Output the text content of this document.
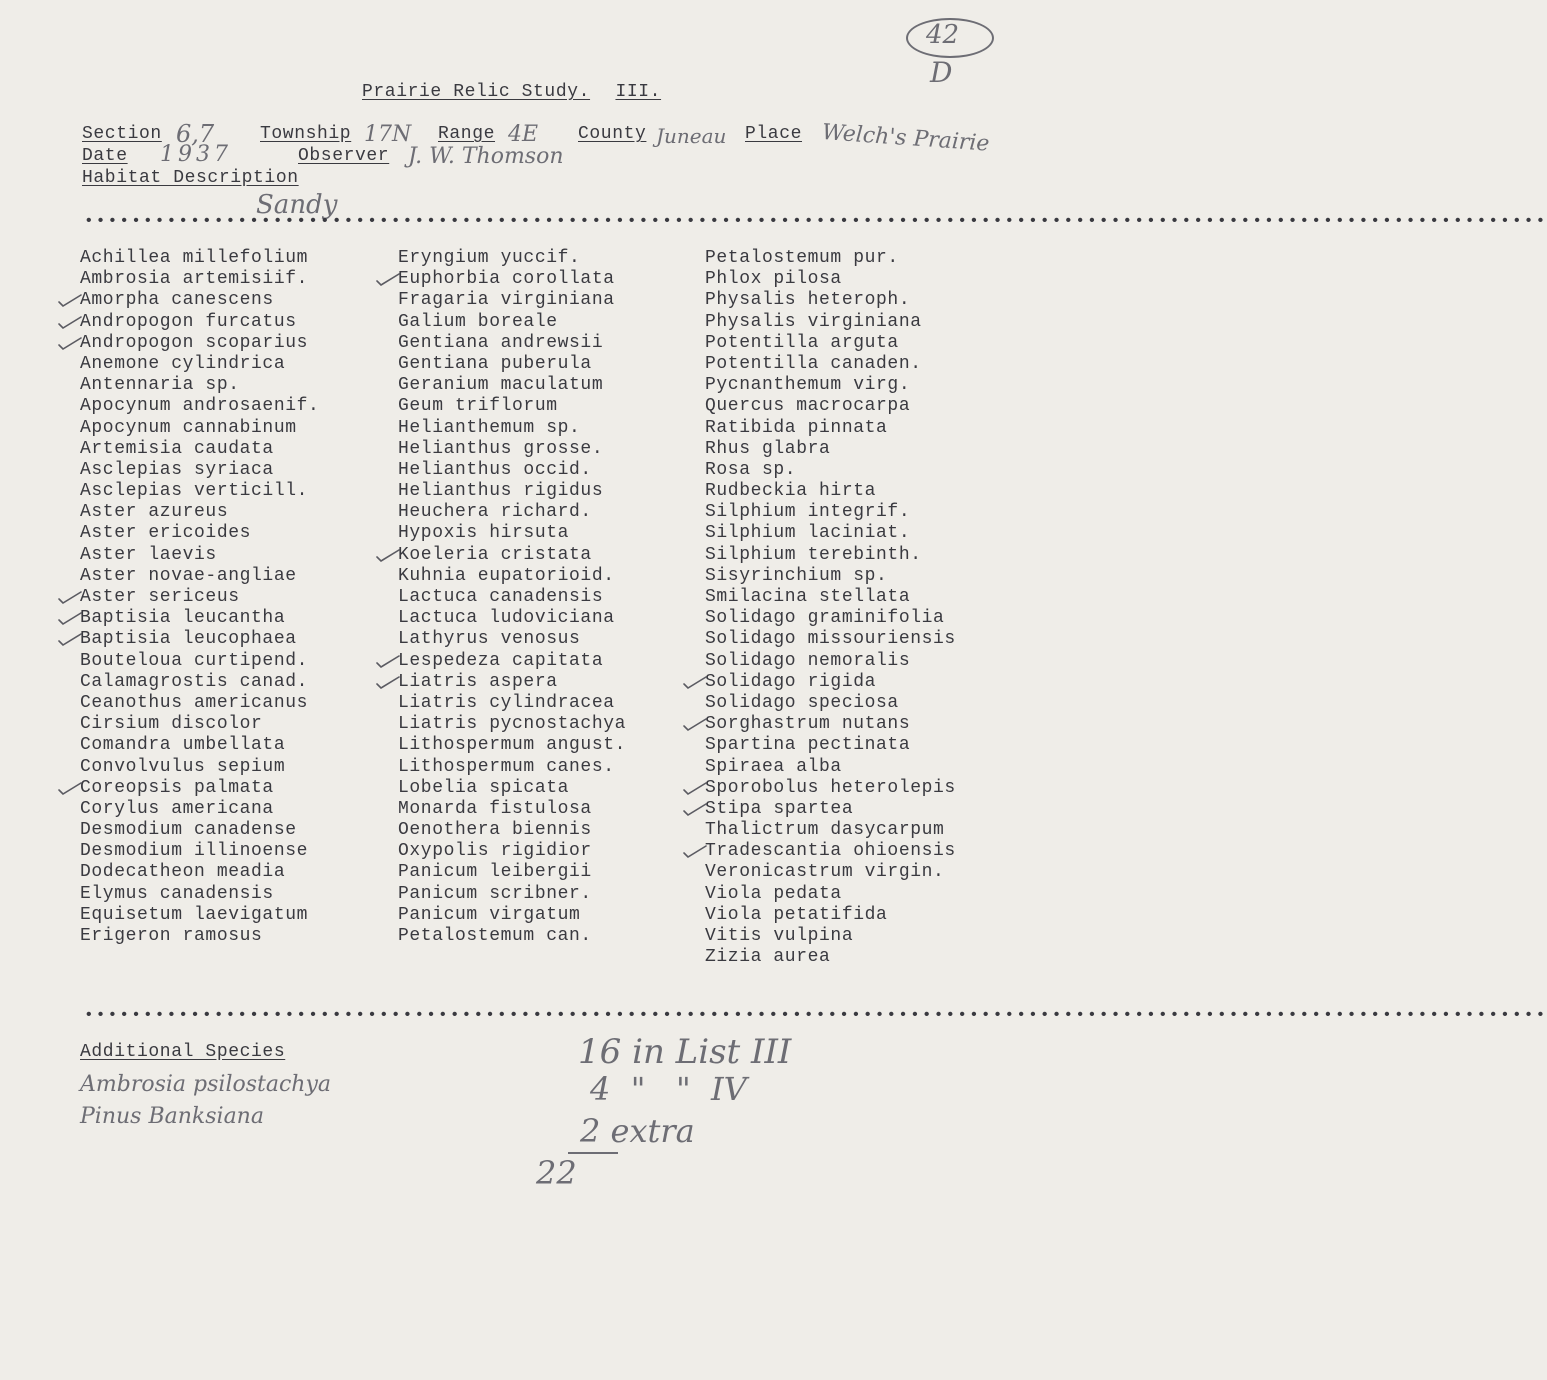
42
D
Prairie Relic Study. III.
Section 6,7	Township 17N Range 4E County Juneau Place Welch's Prairie
Date 1937	Observer J. W. Thomson
Habitat Description
Sandy
••••••••••••••••••••••••••••••••••••••••••••••••••••••••••••••••••••••••••••••••••••••••••••••••••••••••••••••••••••••••••••
Achillea millefolium
Ambrosia artemisiif.
Amorpha canescens
Andropogon furcatus
Andropogon scoparius
Anemone cylindrica
Antennaria sp.
Apocynum androsaenif.
Apocynum cannabinum
Artemisia caudata
Asclepias syriaca
Asclepias verticill.
Aster azureus
Aster ericoides
Aster laevis
Aster novae-angliae
Aster sericeus
Baptisia leucantha
Baptisia leucophaea
Bouteloua curtipend.
Calamagrostis canad.
Ceanothus americanus
Cirsium discolor
Comandra umbellata
Convolvulus sepium
Coreopsis palmata
Corylus americana
Desmodium canadense
Desmodium illinoense
Dodecatheon meadia
Elymus canadensis
Equisetum laevigatum
Erigeron ramosus
Eryngium yuccif.
Euphorbia corollata
Fragaria virginiana
Galium boreale
Gentiana andrewsii
Gentiana puberula
Geranium maculatum
Geum triflorum
Helianthemum sp.
Helianthus grosse.
Helianthus occid.
Helianthus rigidus
Heuchera richard.
Hypoxis hirsuta
Koeleria cristata
Kuhnia eupatorioid.
Lactuca canadensis
Lactuca ludoviciana
Lathyrus venosus
Lespedeza capitata
Liatris aspera
Liatris cylindracea
Liatris pycnostachya
Lithospermum angust.
Lithospermum canes.
Lobelia spicata
Monarda fistulosa
Oenothera biennis
Oxypolis rigidior
Panicum leibergii
Panicum scribner.
Panicum virgatum
Petalostemum can.
Petalostemum pur.
Phlox pilosa
Physalis heteroph.
Physalis virginiana
Potentilla arguta
Potentilla canaden.
Pycnanthemum virg.
Quercus macrocarpa
Ratibida pinnata
Rhus glabra
Rosa sp.
Rudbeckia hirta
Silphium integrif.
Silphium laciniat.
Silphium terebinth.
Sisyrinchium sp.
Smilacina stellata
Solidago graminifolia
Solidago missouriensis
Solidago nemoralis
Solidago rigida
Solidago speciosa
Sorghastrum nutans
Spartina pectinata
Spiraea alba
Sporobolus heterolepis
Stipa spartea
Thalictrum dasycarpum
Tradescantia ohioensis
Veronicastrum virgin.
Viola pedata
Viola petatifida
Vitis vulpina
Zizia aurea
••••••••••••••••••••••••••••••••••••••••••••••••••••••••••••••••••••••••••••••••••••••••••••••••••••••••••••••••••••••••••••
Additional Species
Ambrosia psilostachya
Pinus Banksiana
16 in List III
4  "   "  IV
2 extra
22
